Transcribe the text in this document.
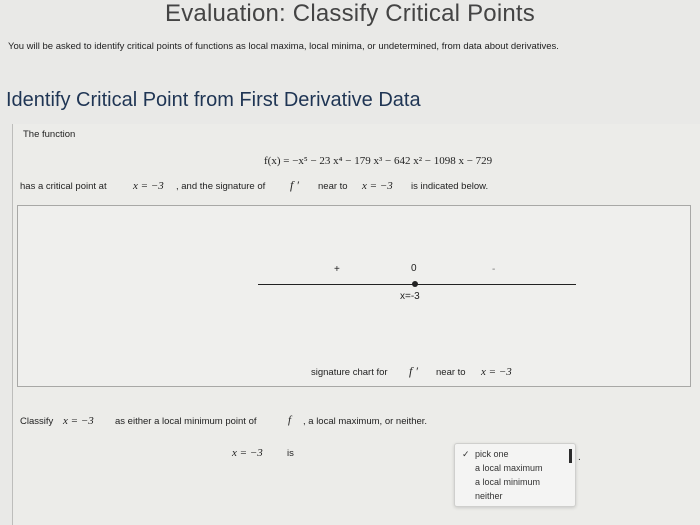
Evaluation: Classify Critical Points
You will be asked to identify critical points of functions as local maxima, local minima, or undetermined, from data about derivatives.
Identify Critical Point from First Derivative Data
The function
f(x) = −x⁵ − 23 x⁴ − 179 x³ − 642 x² − 1098 x − 729
has a critical point at x = −3 , and the signature of f ′ near to x = −3 is indicated below.
+	0	-
x=-3
signature chart for f ′ near to x = −3
Classify x = −3 as either a local minimum point of	f , a local maximum, or neither.
x = −3	is	✓ pick one
a local maximum
a local minimum
neither
.
